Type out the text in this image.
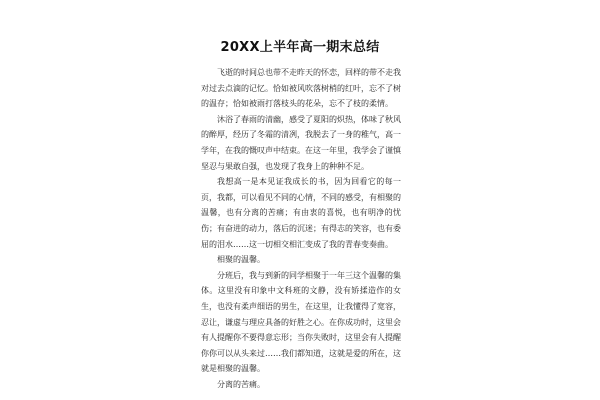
20XX上半年高一期末总结

飞逝的时间总也带不走昨天的怀恋，回样的带不走我对过去点滴的记忆。恰如被风吹落树梢的红叶，忘不了树的温存；恰如被雨打落枝头的花朵，忘不了枝的柔情。

沐浴了春雨的清幽，感受了夏阳的炽热，体味了秋风的醉厚，经历了冬霜的清冽，我脱去了一身的稚气，高一学年，在我的慨叹声中结束。在这一年里，我学会了谨慎坚忍与果敢自强，也发现了我身上的种种不足。

我想高一是本见证我成长的书，因为回看它的每一页，我都，可以看见不同的心情，不同的感受，有相聚的温馨，也有分离的苦痛；有由衷的喜悦，也有明净的忧伤；有奋进的动力，落后的沉迷；有得志的笑容，也有委屈的泪水……这一切相交相汇变成了我的青春变奏曲。

相聚的温馨。

分班后，我与到新的同学相聚于一年三这个温馨的集体。这里没有印象中文科班的文静，没有矫揉造作的女生，也没有柔声细语的男生，在这里，让我懂得了宽容，忍让，谦虚与理应具备的好胜之心。在你成功时，这里会有人提醒你不要得意忘形；当你失败时，这里会有人提醒你你可以从头来过……我们都知道，这就是爱的所在，这就是相聚的温馨。

分离的苦痛。
